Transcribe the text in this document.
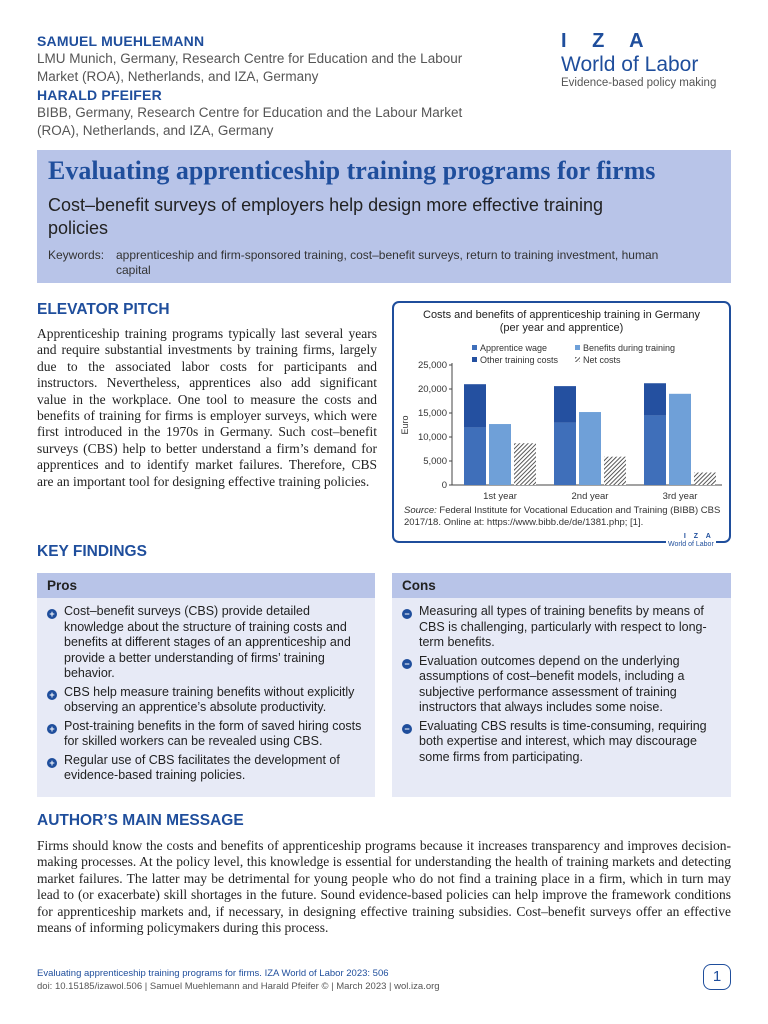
SAMUEL MUEHLEMANN
LMU Munich, Germany, Research Centre for Education and the Labour Market (ROA), Netherlands, and IZA, Germany
HARALD PFEIFER
BIBB, Germany, Research Centre for Education and the Labour Market (ROA), Netherlands, and IZA, Germany
I Z A
World of Labor
Evidence-based policy making
Evaluating apprenticeship training programs for firms
Cost–benefit surveys of employers help design more effective training policies
Keywords: apprenticeship and firm-sponsored training, cost–benefit surveys, return to training investment, human capital
ELEVATOR PITCH
Apprenticeship training programs typically last several years and require substantial investments by training firms, largely due to the associated labor costs for participants and instructors. Nevertheless, apprentices also add significant value in the workplace. One tool to measure the costs and benefits of training for firms is employer surveys, which were first introduced in the 1970s in Germany. Such cost–benefit surveys (CBS) help to better understand a firm’s demand for apprentices and to identify market failures. Therefore, CBS are an important tool for designing effective training policies.
Costs and benefits of apprenticeship training in Germany
(per year and apprentice)
Apprentice wage	Benefits during training
Other training costs	Net costs
25,000
20,000
15,000
10,000
5,000
0
Euro
1st year	2nd year	3rd year
Source: Federal Institute for Vocational Education and Training (BIBB) CBS 2017/18. Online at: https://www.bibb.de/de/1381.php; [1].
I Z A
World of Labor
KEY FINDINGS
Pros
+ Cost–benefit surveys (CBS) provide detailed knowledge about the structure of training costs and benefits at different stages of an apprenticeship and provide a better understanding of firms’ training behavior.
+ CBS help measure training benefits without explicitly observing an apprentice’s absolute productivity.
+ Post-training benefits in the form of saved hiring costs for skilled workers can be revealed using CBS.
+ Regular use of CBS facilitates the development of evidence-based training policies.
Cons
− Measuring all types of training benefits by means of CBS is challenging, particularly with respect to long-term benefits.
− Evaluation outcomes depend on the underlying assumptions of cost–benefit models, including a subjective performance assessment of training instructors that always includes some noise.
− Evaluating CBS results is time-consuming, requiring both expertise and interest, which may discourage some firms from participating.
AUTHOR’S MAIN MESSAGE
Firms should know the costs and benefits of apprenticeship programs because it increases transparency and improves decision-making processes. At the policy level, this knowledge is essential for understanding the health of training markets and detecting market failures. The latter may be detrimental for young people who do not find a training place in a firm, which in turn may lead to (or exacerbate) skill shortages in the future. Sound evidence-based policies can help improve the framework conditions for apprenticeship markets and, if necessary, in designing effective training subsidies. Cost–benefit surveys offer an effective means of informing policymakers during this process.
Evaluating apprenticeship training programs for firms. IZA World of Labor 2023: 506
doi: 10.15185/izawol.506 | Samuel Muehlemann and Harald Pfeifer © | March 2023 | wol.iza.org
1
